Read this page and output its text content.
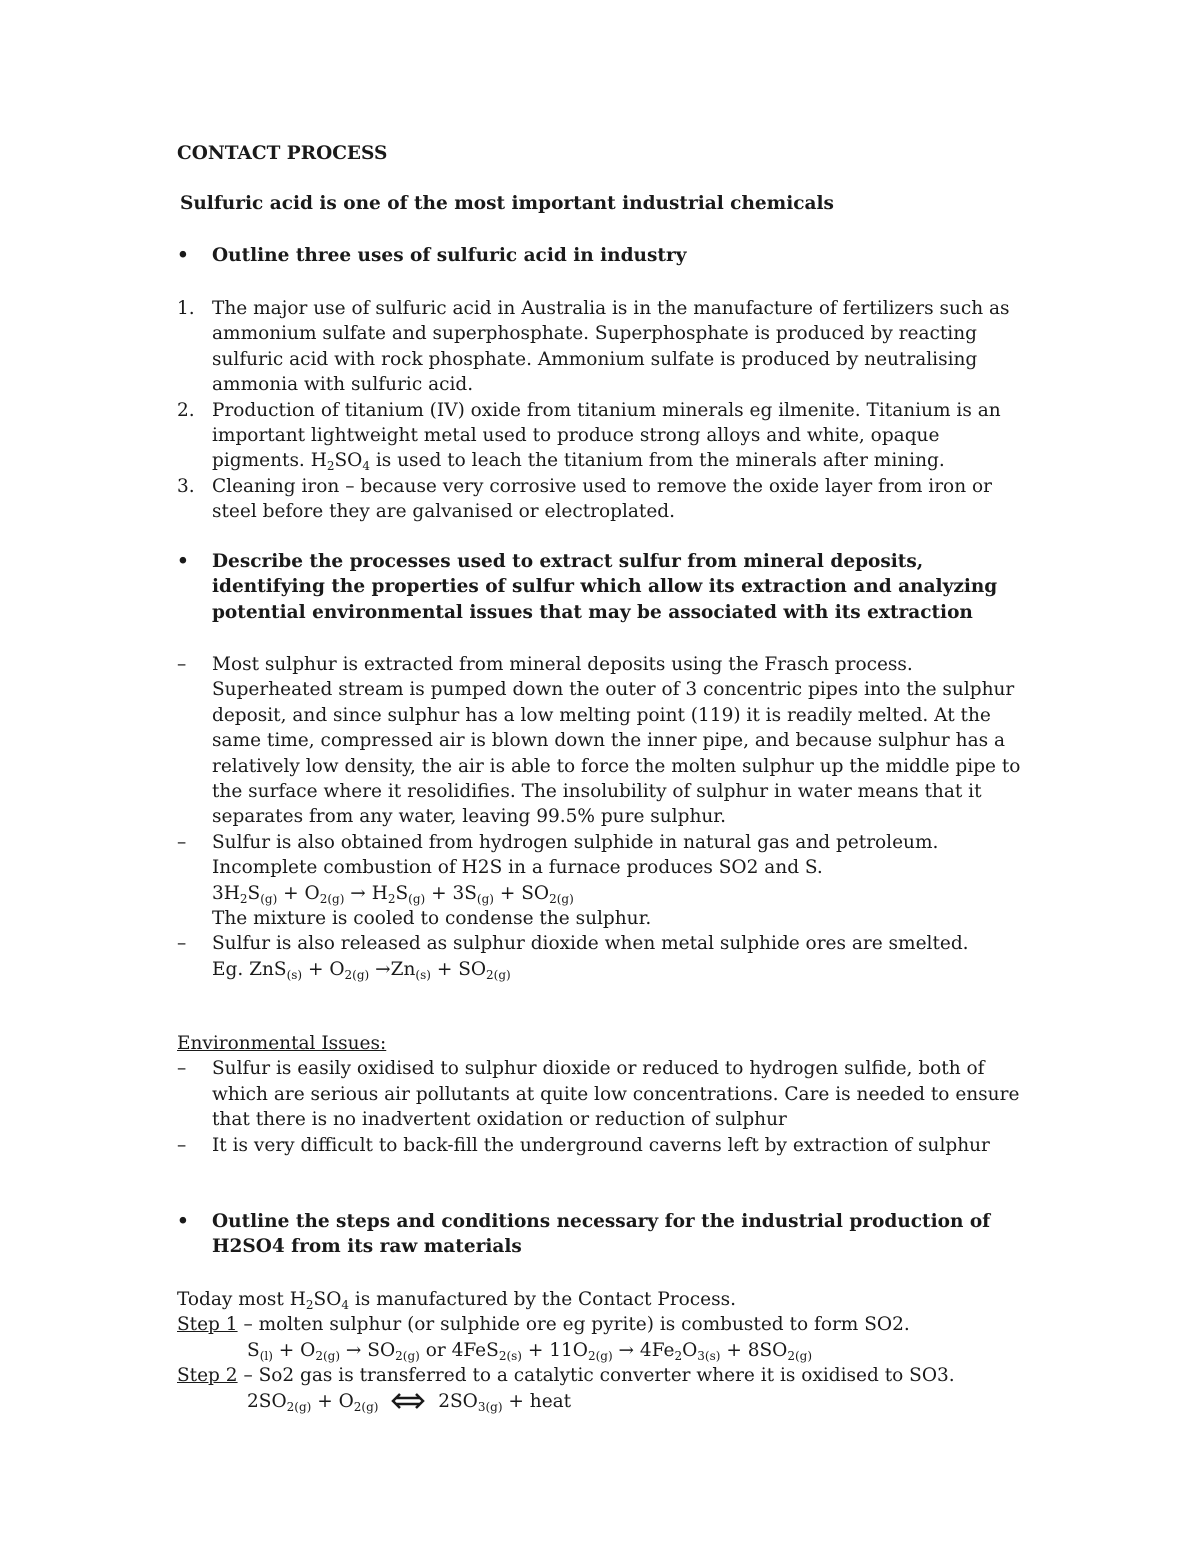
CONTACT PROCESS
Sulfuric acid is one of the most important industrial chemicals
• Outline three uses of sulfuric acid in industry
1. The major use of sulfuric acid in Australia is in the manufacture of fertilizers such as ammonium sulfate and superphosphate. Superphosphate is produced by reacting sulfuric acid with rock phosphate. Ammonium sulfate is produced by neutralising ammonia with sulfuric acid.
2. Production of titanium (IV) oxide from titanium minerals eg ilmenite. Titanium is an important lightweight metal used to produce strong alloys and white, opaque pigments. $H_2SO_4$ is used to leach the titanium from the minerals after mining.
3. Cleaning iron – because very corrosive used to remove the oxide layer from iron or steel before they are galvanised or electroplated.
• Describe the processes used to extract sulfur from mineral deposits, identifying the properties of sulfur which allow its extraction and analyzing potential environmental issues that may be associated with its extraction
– Most sulphur is extracted from mineral deposits using the Frasch process. Superheated stream is pumped down the outer of 3 concentric pipes into the sulphur deposit, and since sulphur has a low melting point (119) it is readily melted. At the same time, compressed air is blown down the inner pipe, and because sulphur has a relatively low density, the air is able to force the molten sulphur up the middle pipe to the surface where it resolidifies. The insolubility of sulphur in water means that it separates from any water, leaving 99.5% pure sulphur.
– Sulfur is also obtained from hydrogen sulphide in natural gas and petroleum.
Incomplete combustion of H2S in a furnace produces SO2 and S.
$3H_2S_{(g)} + O_{2(g)} \to H_2S_{(g)} + 3S_{(g)} + SO_{2(g)}$
The mixture is cooled to condense the sulphur.
– Sulfur is also released as sulphur dioxide when metal sulphide ores are smelted.
Eg. $ZnS_{(s)} + O_{2(g)} \to Zn_{(s)} + SO_{2(g)}$
Environmental Issues:
– Sulfur is easily oxidised to sulphur dioxide or reduced to hydrogen sulfide, both of which are serious air pollutants at quite low concentrations. Care is needed to ensure that there is no inadvertent oxidation or reduction of sulphur
– It is very difficult to back-fill the underground caverns left by extraction of sulphur
• Outline the steps and conditions necessary for the industrial production of H2SO4 from its raw materials
Today most $H_2SO_4$ is manufactured by the Contact Process.
Step 1 – molten sulphur (or sulphide ore eg pyrite) is combusted to form SO2.
$S_{(l)} + O_{2(g)} \to SO_{2(g)}$ or $4FeS_{2(s)} + 11O_{2(g)} \to 4Fe_2O_{3(s)} + 8SO_{2(g)}$
Step 2 – So2 gas is transferred to a catalytic converter where it is oxidised to SO3.
$2SO_{2(g)} + O_{2(g)}$ ⇌ $2SO_{3(g)}$ + heat
